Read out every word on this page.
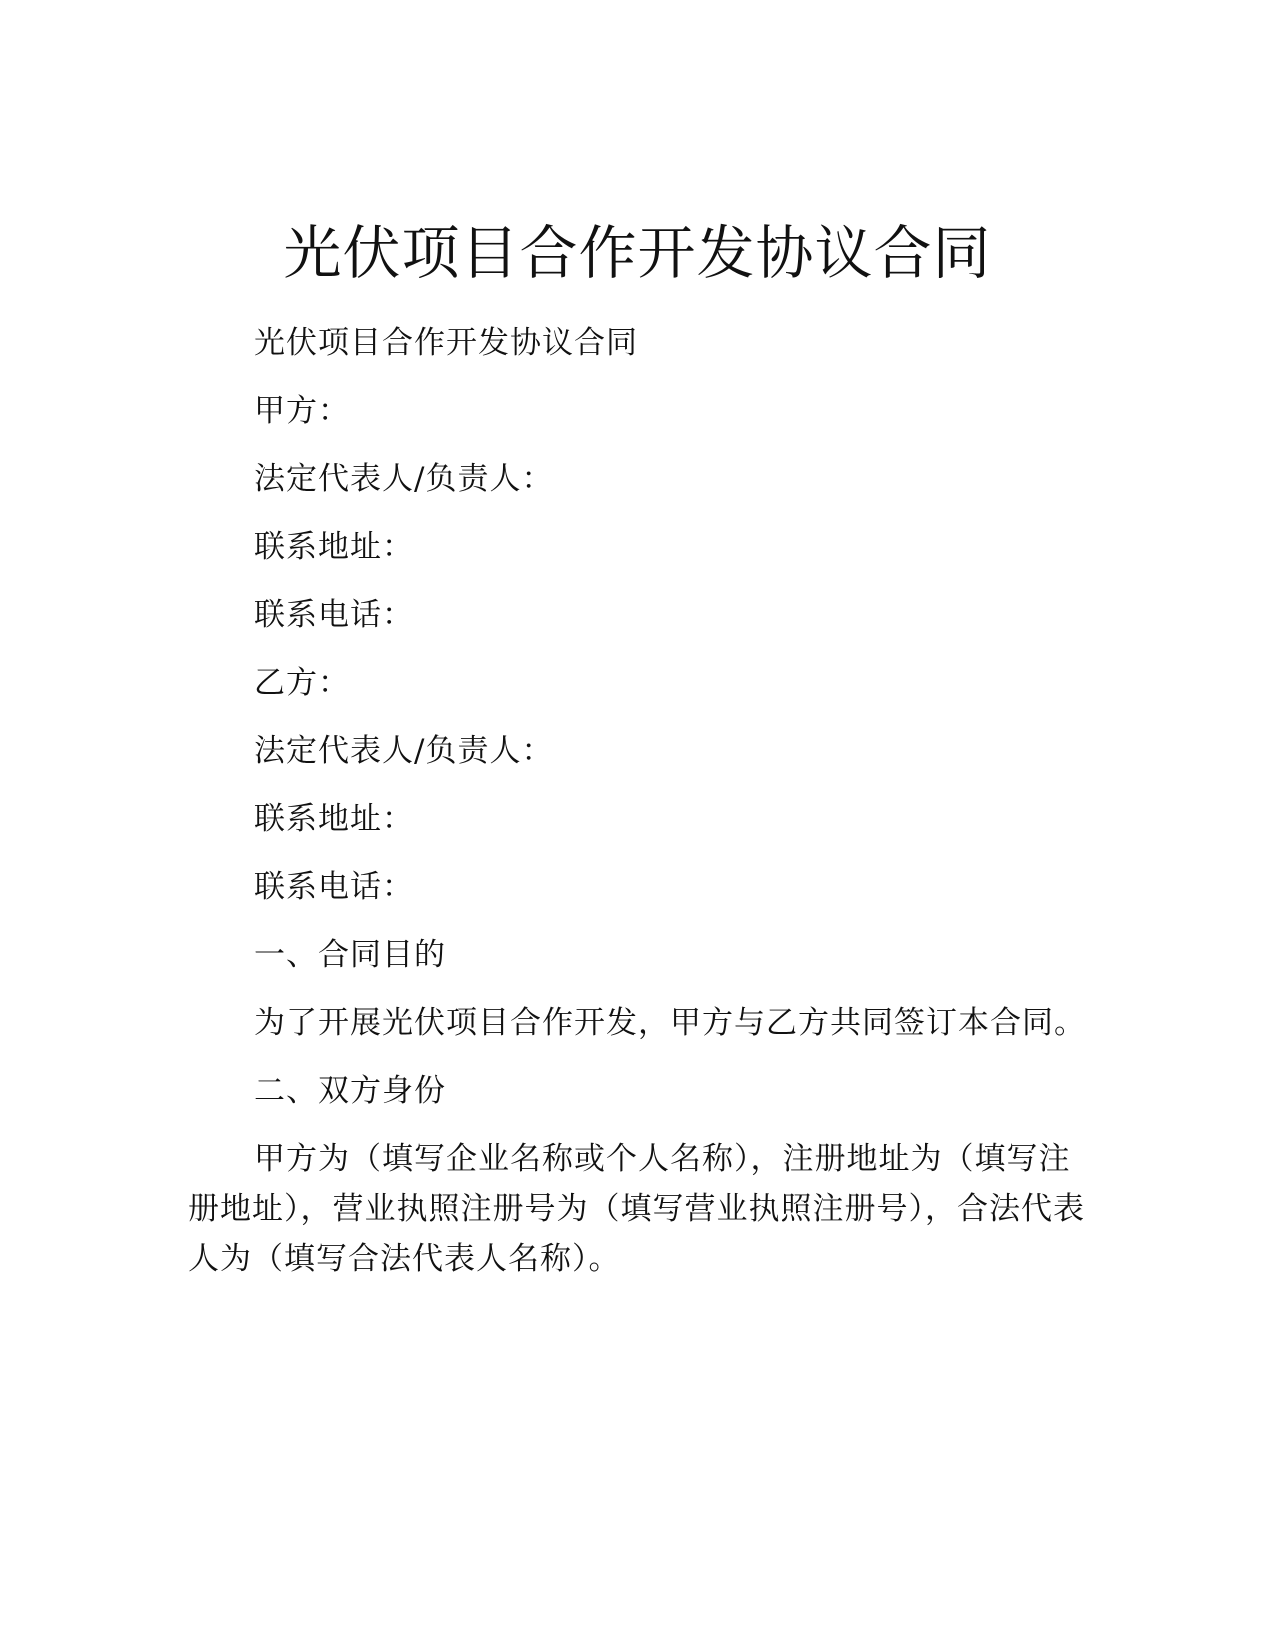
光伏项目合作开发协议合同

光伏项目合作开发协议合同

甲方：

法定代表人/负责人：

联系地址：

联系电话：

乙方：

法定代表人/负责人：

联系地址：

联系电话：

一、合同目的

为了开展光伏项目合作开发，甲方与乙方共同签订本合同。

二、双方身份

甲方为（填写企业名称或个人名称），注册地址为（填写注册地址），营业执照注册号为（填写营业执照注册号），合法代表人为（填写合法代表人名称）。
